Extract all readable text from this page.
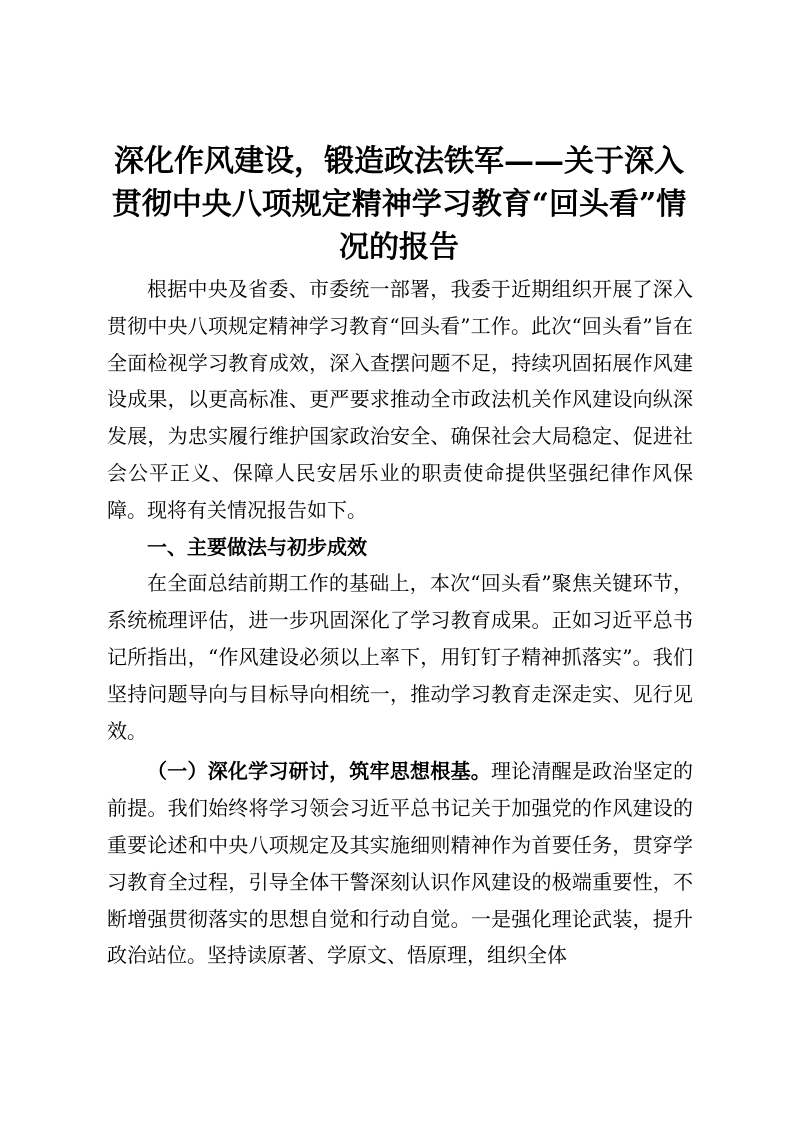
深化作风建设，锻造政法铁军——关于深入贯彻中央八项规定精神学习教育“回头看”情况的报告

根据中央及省委、市委统一部署，我委于近期组织开展了深入贯彻中央八项规定精神学习教育“回头看”工作。此次“回头看”旨在全面检视学习教育成效，深入查摆问题不足，持续巩固拓展作风建设成果，以更高标准、更严要求推动全市政法机关作风建设向纵深发展，为忠实履行维护国家政治安全、确保社会大局稳定、促进社会公平正义、保障人民安居乐业的职责使命提供坚强纪律作风保障。现将有关情况报告如下。

一、主要做法与初步成效

在全面总结前期工作的基础上，本次“回头看”聚焦关键环节，系统梳理评估，进一步巩固深化了学习教育成果。正如习近平总书记所指出，“作风建设必须以上率下，用钉钉子精神抓落实”。我们坚持问题导向与目标导向相统一，推动学习教育走深走实、见行见效。

（一）深化学习研讨，筑牢思想根基。理论清醒是政治坚定的前提。我们始终将学习领会习近平总书记关于加强党的作风建设的重要论述和中央八项规定及其实施细则精神作为首要任务，贯穿学习教育全过程，引导全体干警深刻认识作风建设的极端重要性，不断增强贯彻落实的思想自觉和行动自觉。一是强化理论武装，提升政治站位。坚持读原著、学原文、悟原理，组织全体
